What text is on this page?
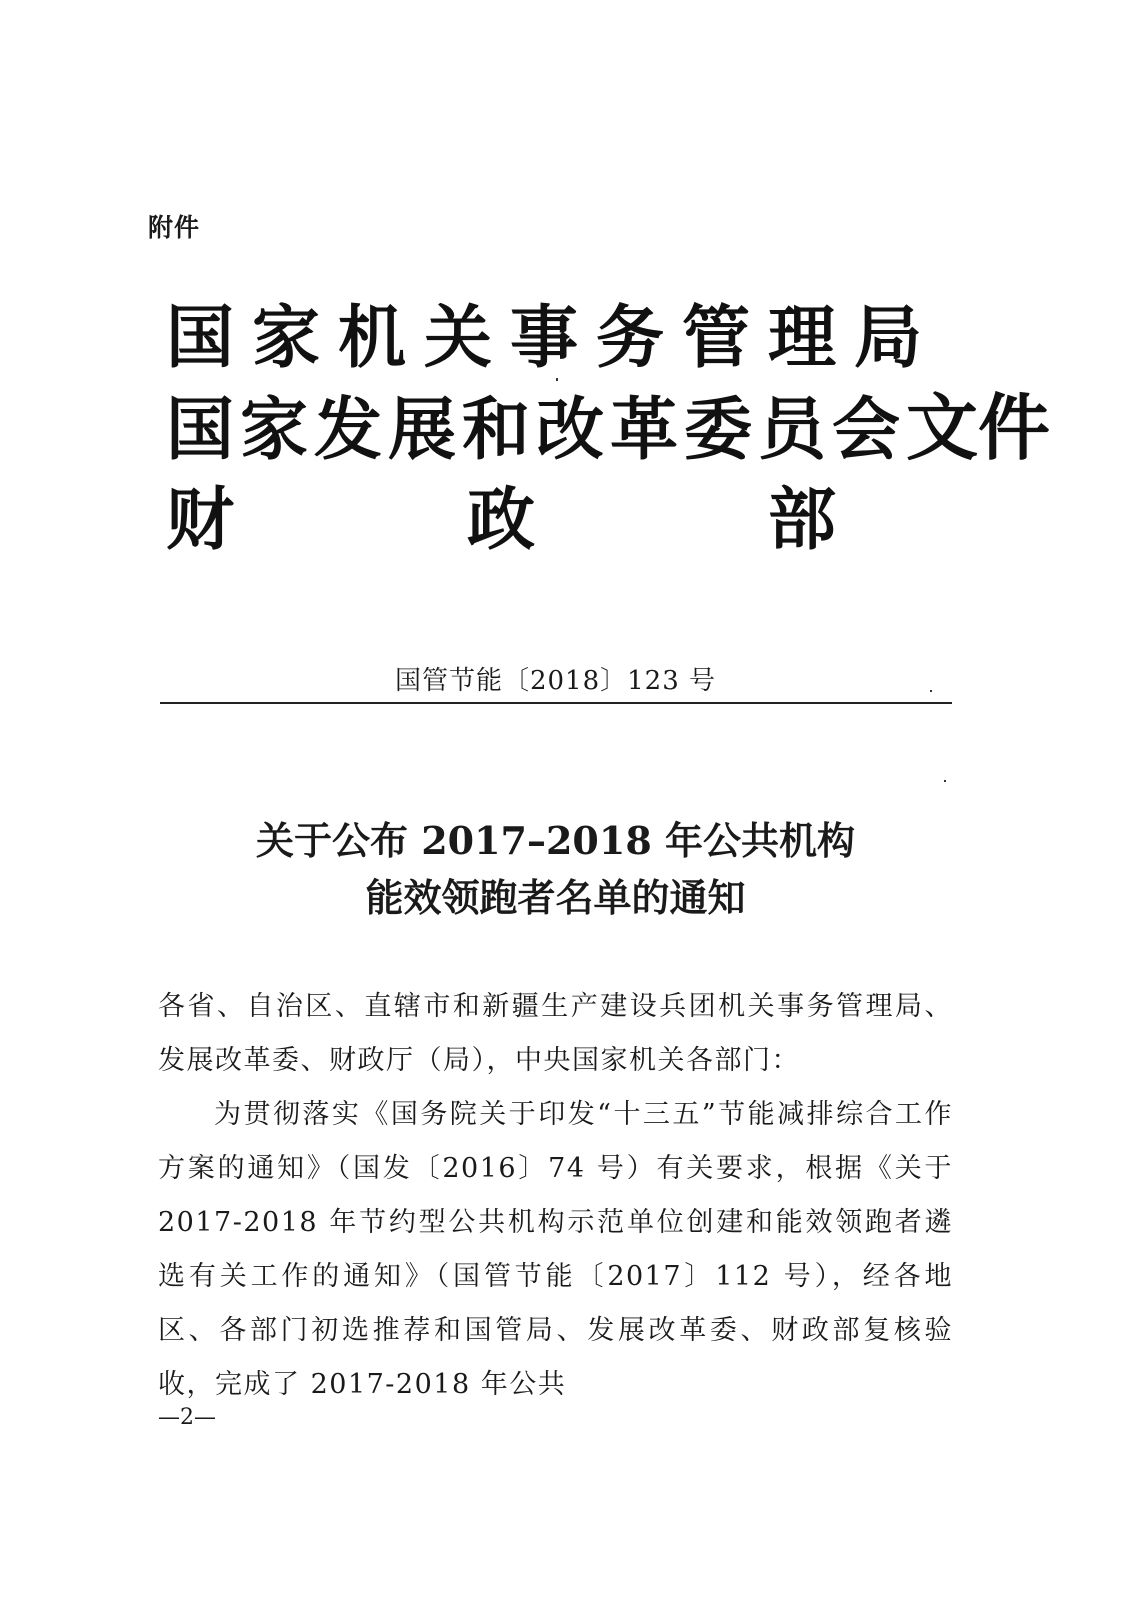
附件
国家机关事务管理局
国家发展和改革委员会文件
财	政	部
国管节能〔2018〕123 号
关于公布 2017–2018 年公共机构
能效领跑者名单的通知

各省、自治区、直辖市和新疆生产建设兵团机关事务管理局、发展改革委、财政厅（局），中央国家机关各部门：

为贯彻落实《国务院关于印发“十三五”节能减排综合工作方案的通知》（国发〔2016〕74 号）有关要求，根据《关于 2017-2018 年节约型公共机构示范单位创建和能效领跑者遴选有关工作的通知》（国管节能〔2017〕112 号），经各地区、各部门初选推荐和国管局、发展改革委、财政部复核验收，完成了 2017-2018 年公共

—2—
